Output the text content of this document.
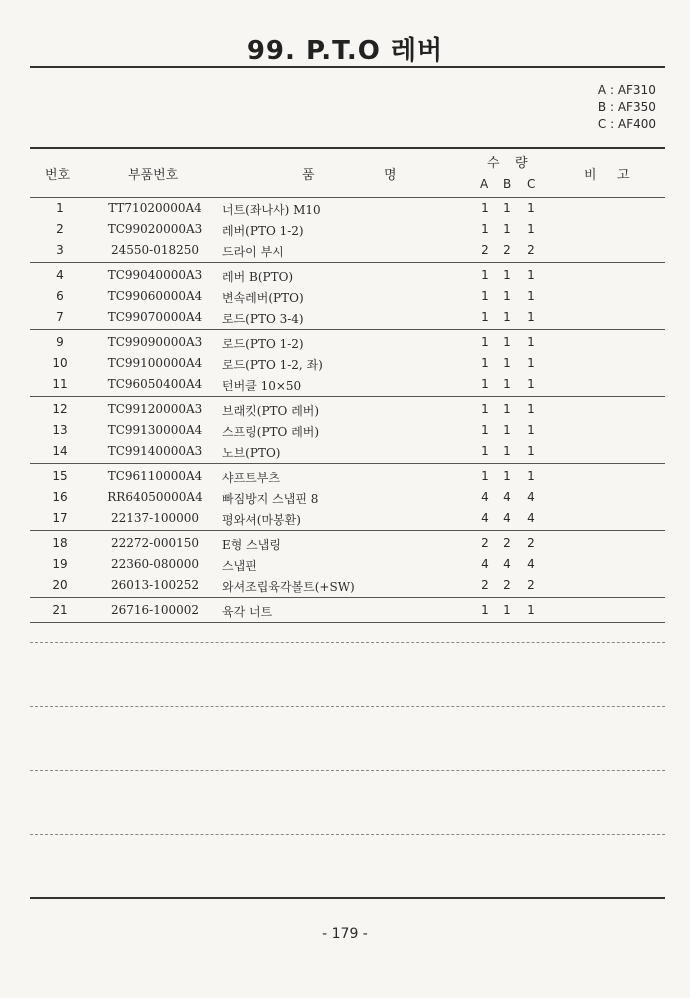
99. P.T.O 레버
A : AF310
B : AF350
C : AF400
번호	부품번호	품	명
수 량
A B C
비 고
1	TT71020000A4	너트(좌나사) M10	1 1 1
2	TC99020000A3	레버(PTO 1-2)	1 1 1
3	24550-018250	드라이 부시	2 2 2
4	TC99040000A3	레버 B(PTO)	1 1 1
6	TC99060000A4	변속레버(PTO)	1 1 1
7	TC99070000A4	로드(PTO 3-4)	1 1 1
9	TC99090000A3	로드(PTO 1-2)	1 1 1
10	TC99100000A4	로드(PTO 1-2, 좌)	1 1 1
11	TC96050400A4	턴버클 10×50	1 1 1
12	TC99120000A3	브래킷(PTO 레버)	1 1 1
13	TC99130000A4	스프링(PTO 레버)	1 1 1
14	TC99140000A3	노브(PTO)	1 1 1
15	TC96110000A4	샤프트부츠	1 1 1
16	RR64050000A4	빠짐방지 스냅핀 8	4 4 4
17	22137-100000	평와셔(마봉환)	4 4 4
18	22272-000150	E형 스냅링	2 2 2
19	22360-080000	스냅핀	4 4 4
20	26013-100252	와셔조립육각볼트(+SW)	2 2 2
21	26716-100002	육각 너트	1 1 1
- 179 -
